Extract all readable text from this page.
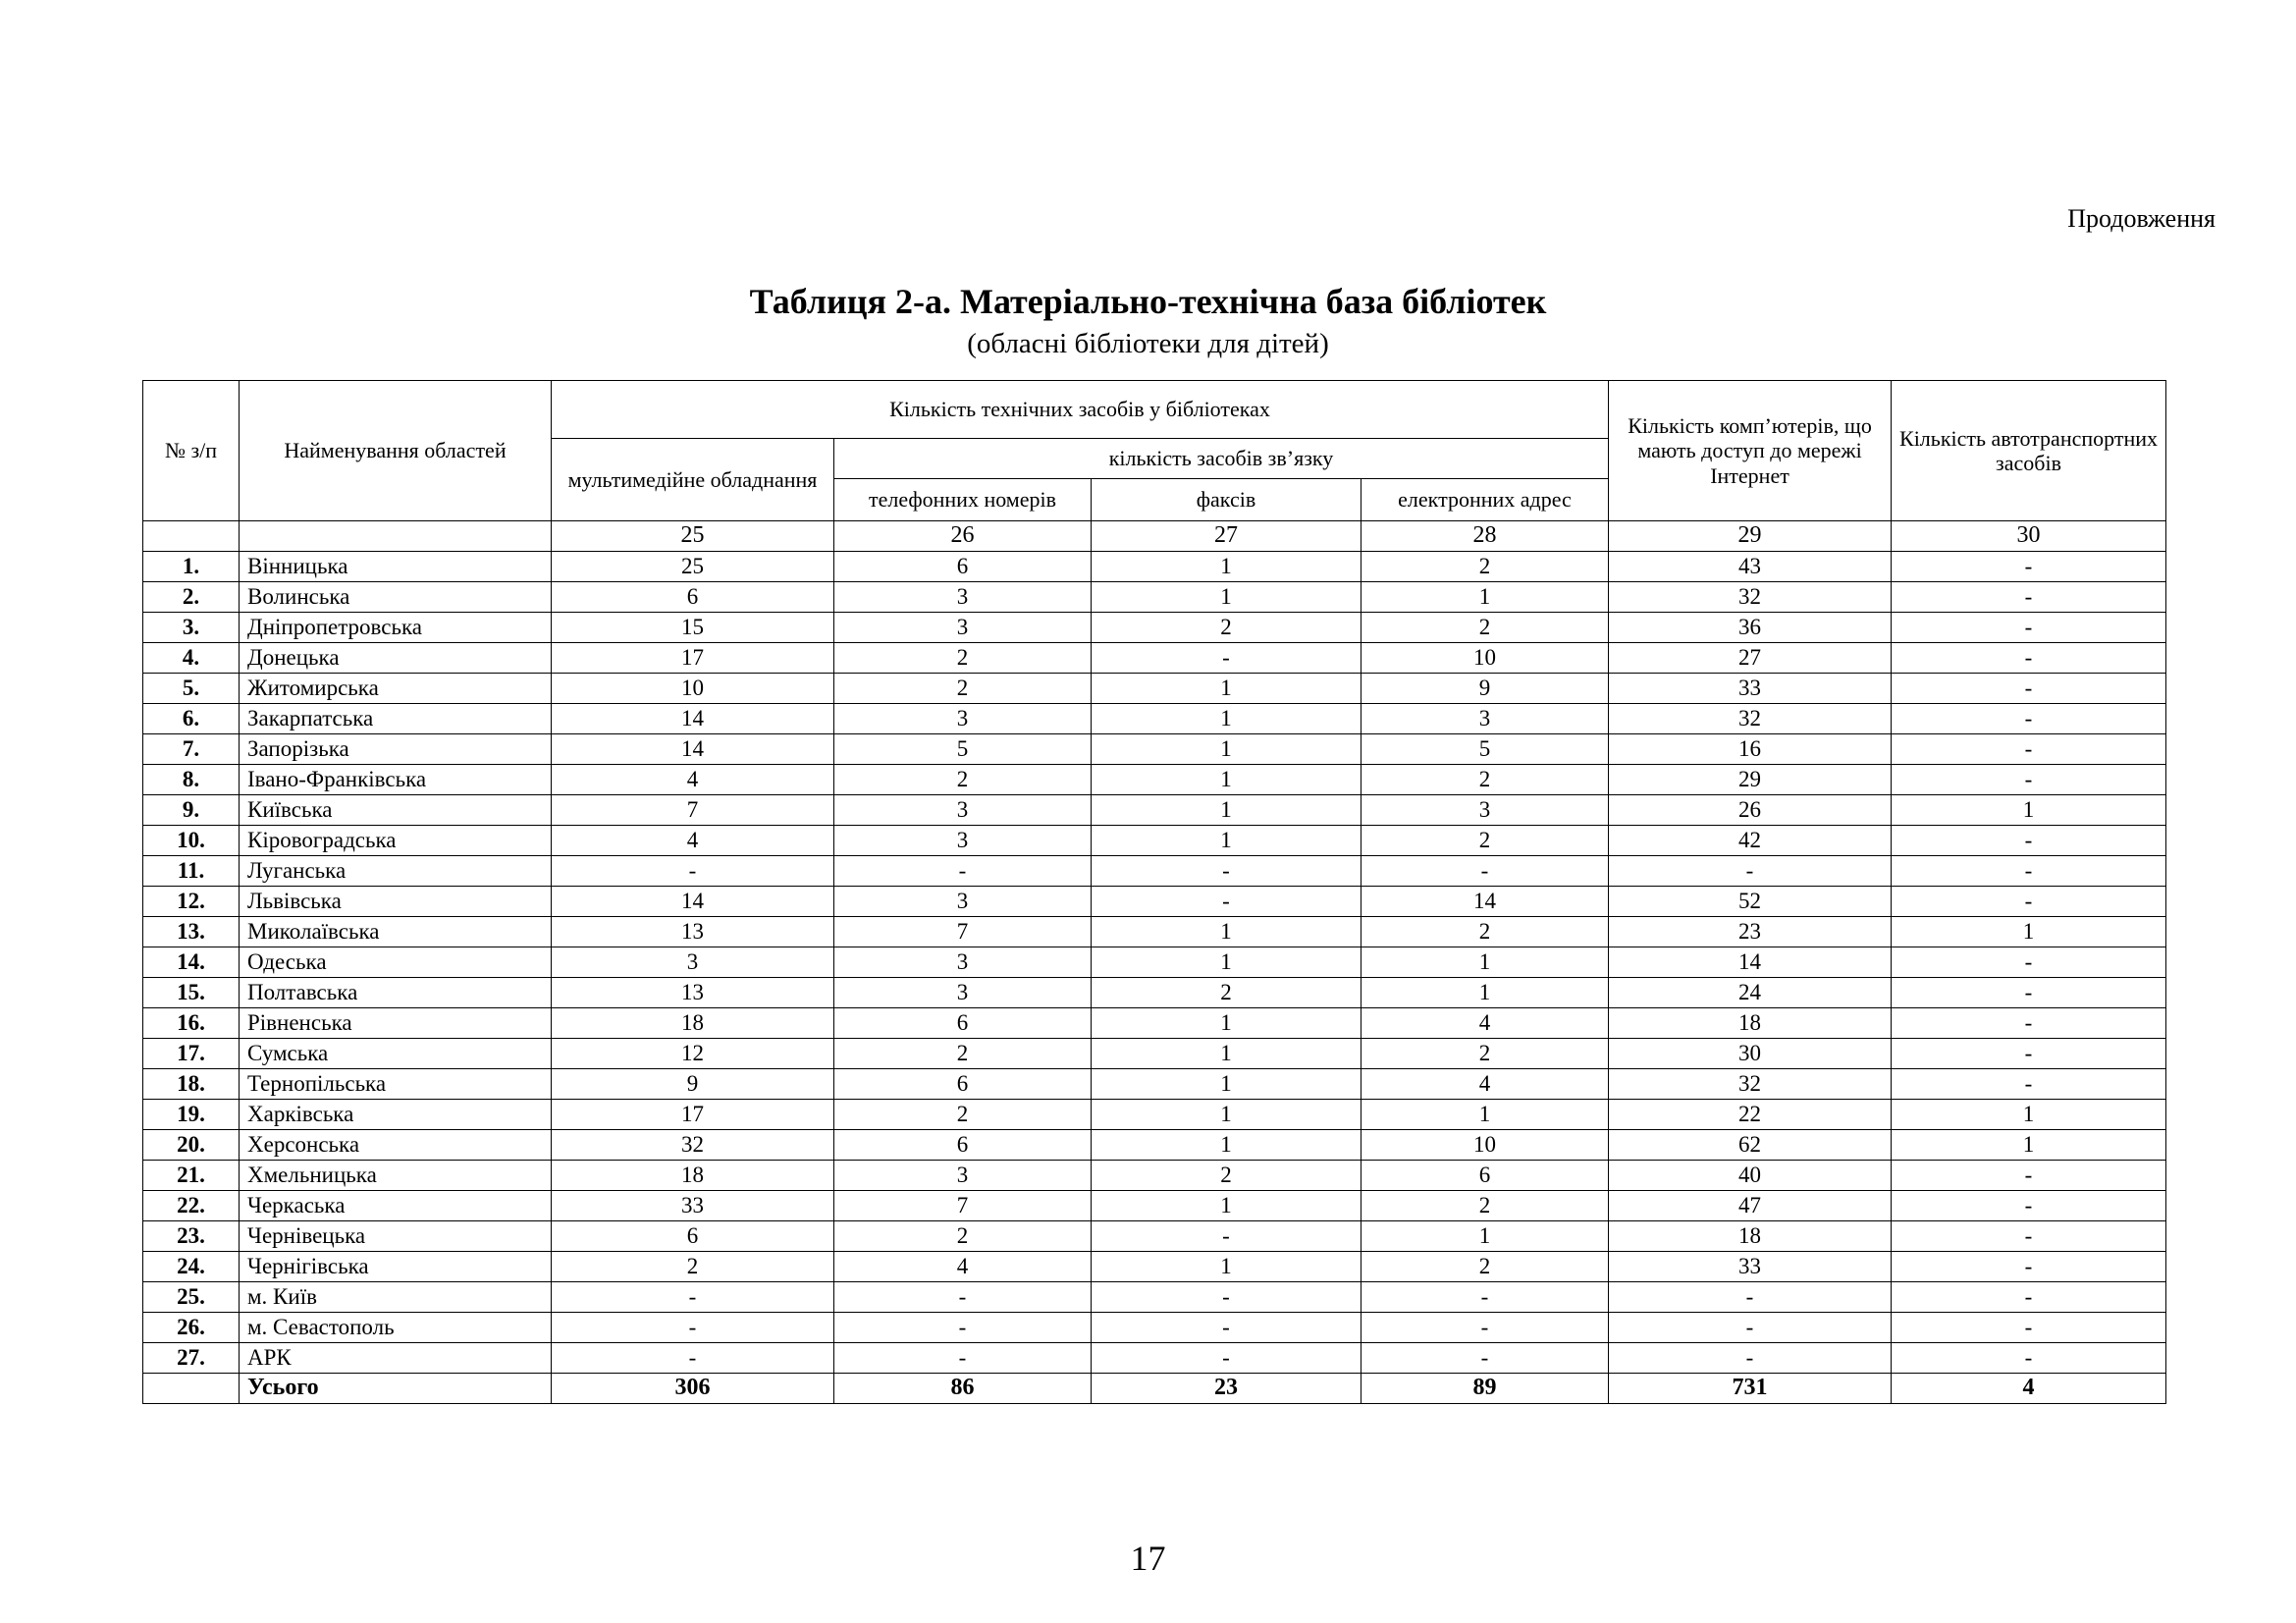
Продовження
Таблиця 2-а. Матеріально-технічна база бібліотек
(обласні бібліотеки для дітей)
№ з/п	Найменування областей	Кількість технічних засобів у бібліотеках				Кількість комп’ютерів, що мають доступ до мережі Інтернет	Кількість автотранспортних засобів
		мультимедійне обладнання	кількість засобів зв’язку				
			телефонних номерів	факсів	електронних адрес		
		25	26	27	28	29	30
1.	Вінницька	25	6	1	2	43	-
2.	Волинська	6	3	1	1	32	-
3.	Дніпропетровська	15	3	2	2	36	-
4.	Донецька	17	2	-	10	27	-
5.	Житомирська	10	2	1	9	33	-
6.	Закарпатська	14	3	1	3	32	-
7.	Запорізька	14	5	1	5	16	-
8.	Івано-Франківська	4	2	1	2	29	-
9.	Київська	7	3	1	3	26	1
10.	Кіровоградська	4	3	1	2	42	-
11.	Луганська	-	-	-	-	-	-
12.	Львівська	14	3	-	14	52	-
13.	Миколаївська	13	7	1	2	23	1
14.	Одеська	3	3	1	1	14	-
15.	Полтавська	13	3	2	1	24	-
16.	Рівненська	18	6	1	4	18	-
17.	Сумська	12	2	1	2	30	-
18.	Тернопільська	9	6	1	4	32	-
19.	Харківська	17	2	1	1	22	1
20.	Херсонська	32	6	1	10	62	1
21.	Хмельницька	18	3	2	6	40	-
22.	Черкаська	33	7	1	2	47	-
23.	Чернівецька	6	2	-	1	18	-
24.	Чернігівська	2	4	1	2	33	-
25.	м. Київ	-	-	-	-	-	-
26.	м. Севастополь	-	-	-	-	-	-
27.	АРК	-	-	-	-	-	-
	Усього	306	86	23	89	731	4
17
